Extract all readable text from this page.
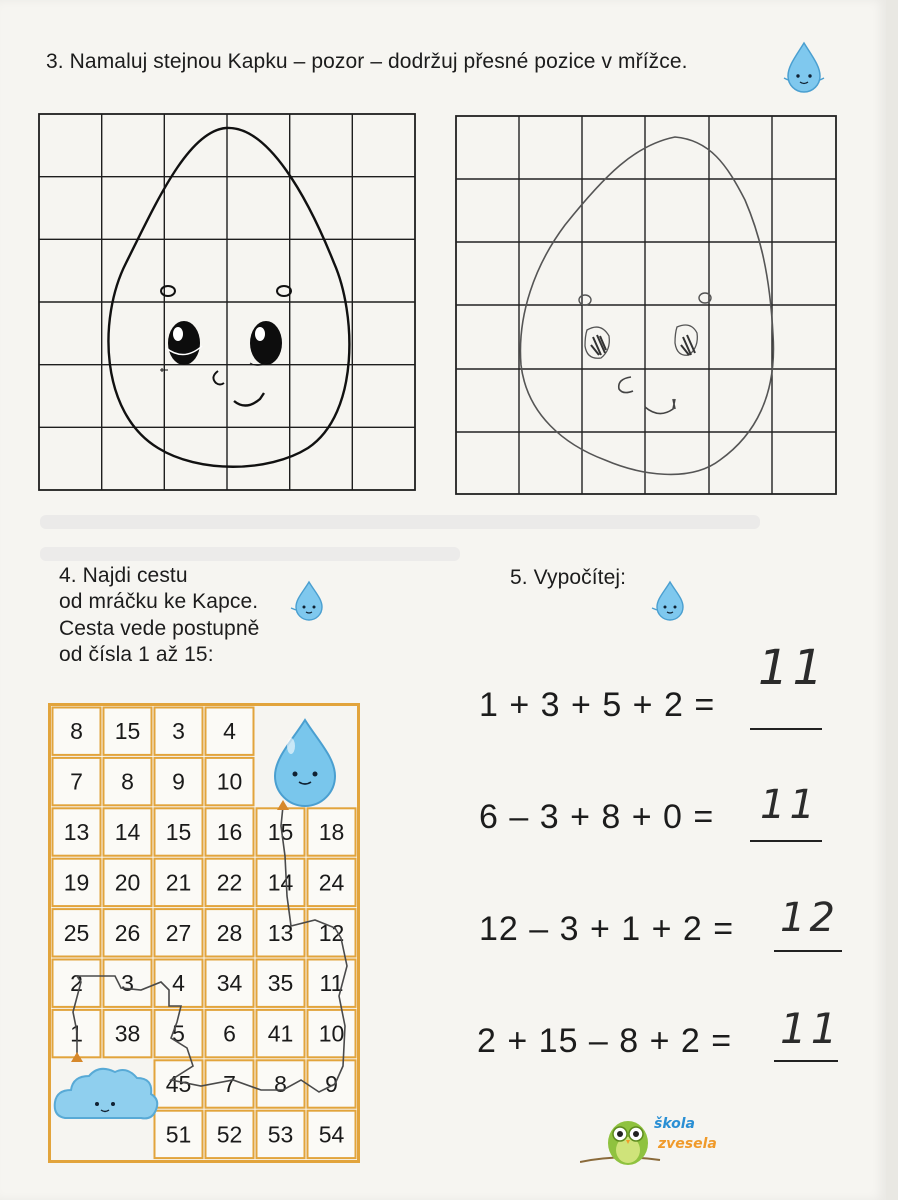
3. Namaluj stejnou Kapku – pozor – dodržuj přesné pozice v mřížce.
4. Najdi cestu
od mráčku ke Kapce.
Cesta vede postupně
od čísla 1 až 15:
8 15 3 4
7 8 9 10
13 14 15 16 15 18
19 20 21 22 14 24
25 26 27 28 13 12
2 3 4 34 35 11
1 38 5 6 41 10
45 7 8 9
51 52 53 54
5. Vypočítej:
1 + 3 + 5 + 2 =
11
6 – 3 + 8 + 0 = 11
12 – 3 + 1 + 2 = 12
2 + 15 – 8 + 2 = 11
škola
zvesela
